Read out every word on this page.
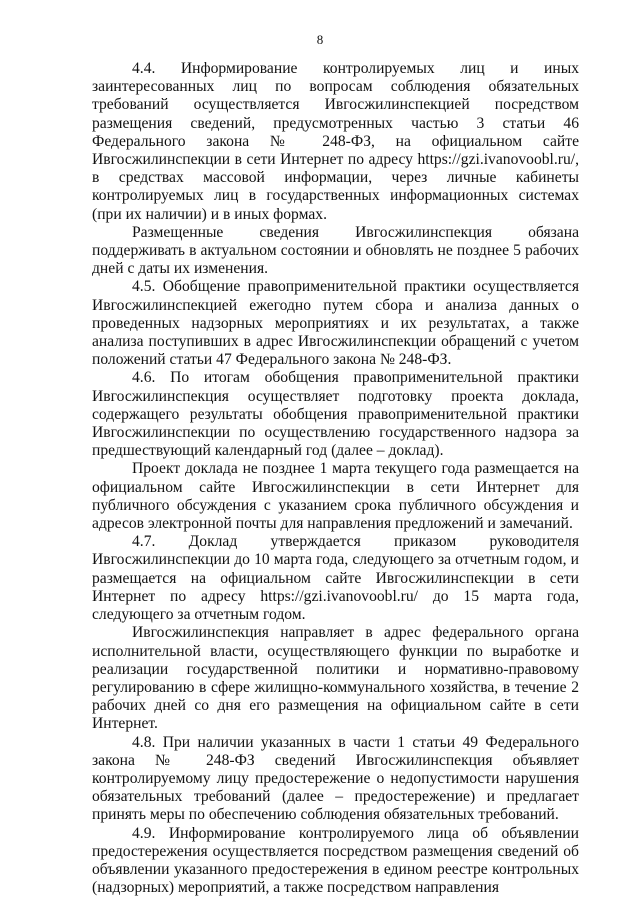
8

4.4. Информирование контролируемых лиц и иных заинтересованных лиц по вопросам соблюдения обязательных требований осуществляется Ивгосжилинспекцией посредством размещения сведений, предусмотренных частью 3 статьи 46 Федерального закона № 248-ФЗ, на официальном сайте Ивгосжилинспекции в сети Интернет по адресу https://gzi.ivanovoobl.ru/, в средствах массовой информации, через личные кабинеты контролируемых лиц в государственных информационных системах (при их наличии) и в иных формах.

Размещенные сведения Ивгосжилинспекция обязана поддерживать в актуальном состоянии и обновлять не позднее 5 рабочих дней с даты их изменения.

4.5. Обобщение правоприменительной практики осуществляется Ивгосжилинспекцией ежегодно путем сбора и анализа данных о проведенных надзорных мероприятиях и их результатах, а также анализа поступивших в адрес Ивгосжилинспекции обращений с учетом положений статьи 47 Федерального закона № 248-ФЗ.

4.6. По итогам обобщения правоприменительной практики Ивгосжилинспекция осуществляет подготовку проекта доклада, содержащего результаты обобщения правоприменительной практики Ивгосжилинспекции по осуществлению государственного надзора за предшествующий календарный год (далее – доклад).

Проект доклада не позднее 1 марта текущего года размещается на официальном сайте Ивгосжилинспекции в сети Интернет для публичного обсуждения с указанием срока публичного обсуждения и адресов электронной почты для направления предложений и замечаний.

4.7. Доклад утверждается приказом руководителя Ивгосжилинспекции до 10 марта года, следующего за отчетным годом, и размещается на официальном сайте Ивгосжилинспекции в сети Интернет по адресу https://gzi.ivanovoobl.ru/ до 15 марта года, следующего за отчетным годом.

Ивгосжилинспекция направляет в адрес федерального органа исполнительной власти, осуществляющего функции по выработке и реализации государственной политики и нормативно-правовому регулированию в сфере жилищно-коммунального хозяйства, в течение 2 рабочих дней со дня его размещения на официальном сайте в сети Интернет.

4.8. При наличии указанных в части 1 статьи 49 Федерального закона № 248-ФЗ сведений Ивгосжилинспекция объявляет контролируемому лицу предостережение о недопустимости нарушения обязательных требований (далее – предостережение) и предлагает принять меры по обеспечению соблюдения обязательных требований.

4.9. Информирование контролируемого лица об объявлении предостережения осуществляется посредством размещения сведений об объявлении указанного предостережения в едином реестре контрольных (надзорных) мероприятий, а также посредством направления
